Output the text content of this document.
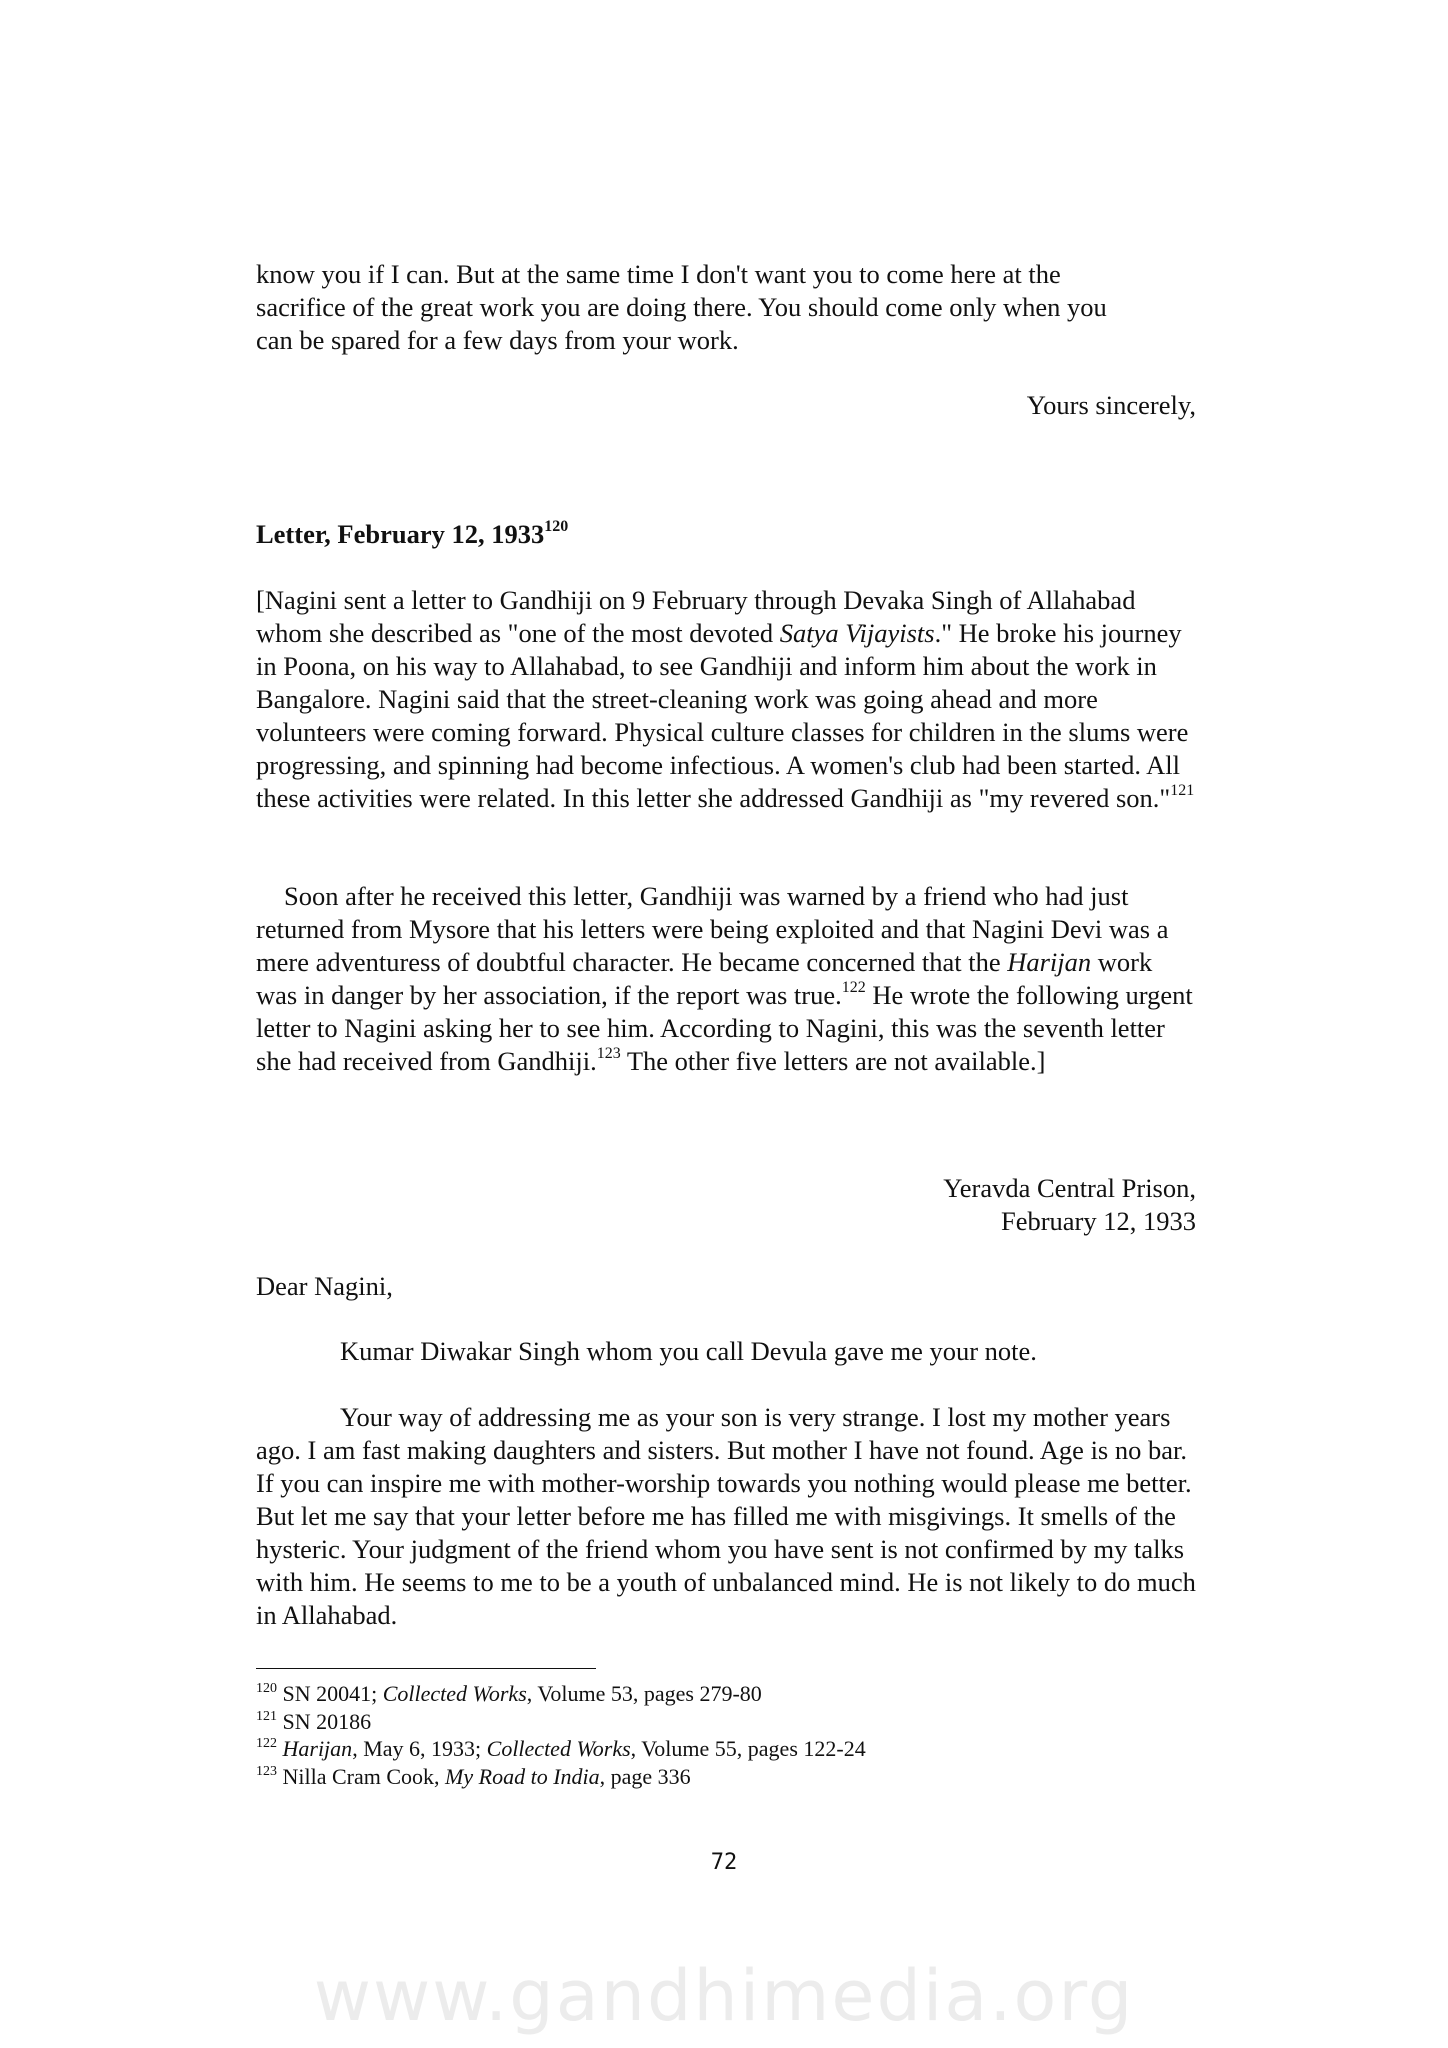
know you if I can. But at the same time I don't want you to come here at the

sacrifice of the great work you are doing there. You should come only when you

can be spared for a few days from your work.

Yours sincerely,
Letter, February 12, 1933$^{120}$

[Nagini sent a letter to Gandhiji on 9 February through Devaka Singh of Allahabad whom she described as "one of the most devoted Satya Vijayists." He broke his journey in Poona, on his way to Allahabad, to see Gandhiji and inform him about the work in Bangalore. Nagini said that the street-cleaning work was going ahead and more volunteers were coming forward. Physical culture classes for children in the slums were progressing, and spinning had become infectious. A women's club had been started. All these activities were related. In this letter she addressed Gandhiji as "my revered son."$^{121}$

Soon after he received this letter, Gandhiji was warned by a friend who had just returned from Mysore that his letters were being exploited and that Nagini Devi was a mere adventuress of doubtful character. He became concerned that the Harijan work was in danger by her association, if the report was true.$^{122}$ He wrote the following urgent letter to Nagini asking her to see him. According to Nagini, this was the seventh letter she had received from Gandhiji.$^{123}$ The other five letters are not available.]

Yeravda Central Prison,
February 12, 1933
Dear Nagini,

Kumar Diwakar Singh whom you call Devula gave me your note.

Your way of addressing me as your son is very strange. I lost my mother years ago. I am fast making daughters and sisters. But mother I have not found. Age is no bar. If you can inspire me with mother-worship towards you nothing would please me better. But let me say that your letter before me has filled me with misgivings. It smells of the hysteric. Your judgment of the friend whom you have sent is not confirmed by my talks with him. He seems to me to be a youth of unbalanced mind. He is not likely to do much in Allahabad.

$^{120}$ SN 20041; Collected Works, Volume 53, pages 279-80
$^{121}$ SN 20186
$^{122}$ Harijan, May 6, 1933; Collected Works, Volume 55, pages 122-24
$^{123}$ Nilla Cram Cook, My Road to India, page 336
72
www.gandhimedia.org
